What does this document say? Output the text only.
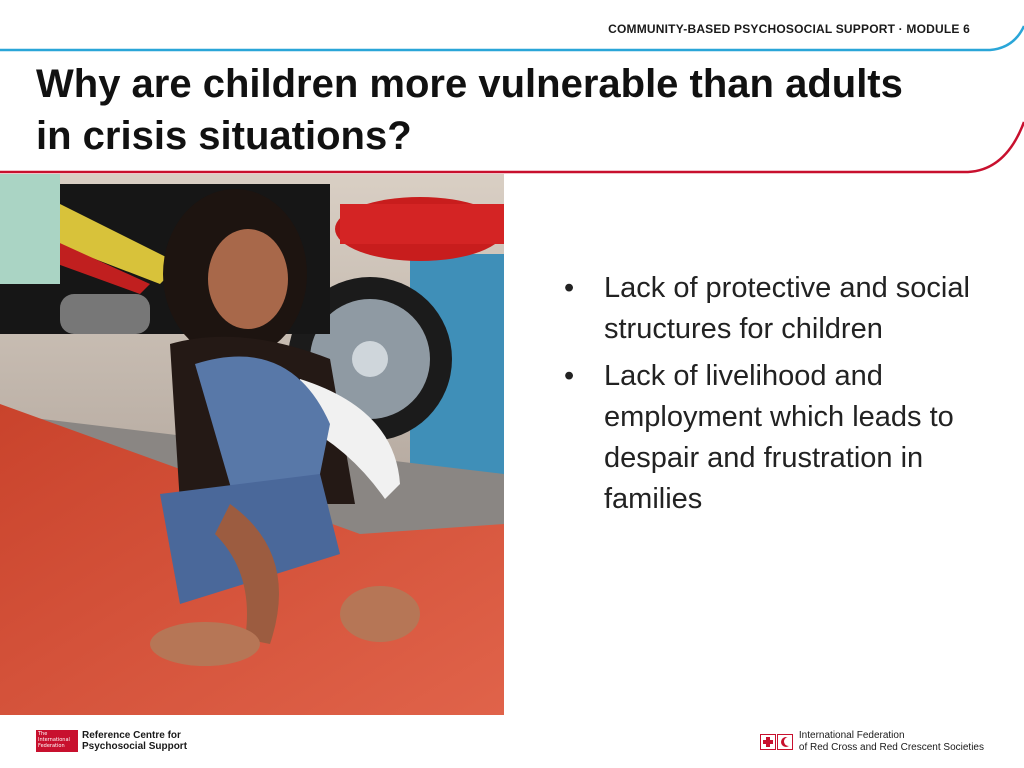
COMMUNITY-BASED PSYCHOSOCIAL SUPPORT · MODULE 6
Why are children more vulnerable than adults in crisis situations?
• Lack of protective and social structures for children
• Lack of livelihood and employment which leads to despair and frustration in families
The International Federation
Reference Centre for
Psychosocial Support
International Federation
of Red Cross and Red Crescent Societies
